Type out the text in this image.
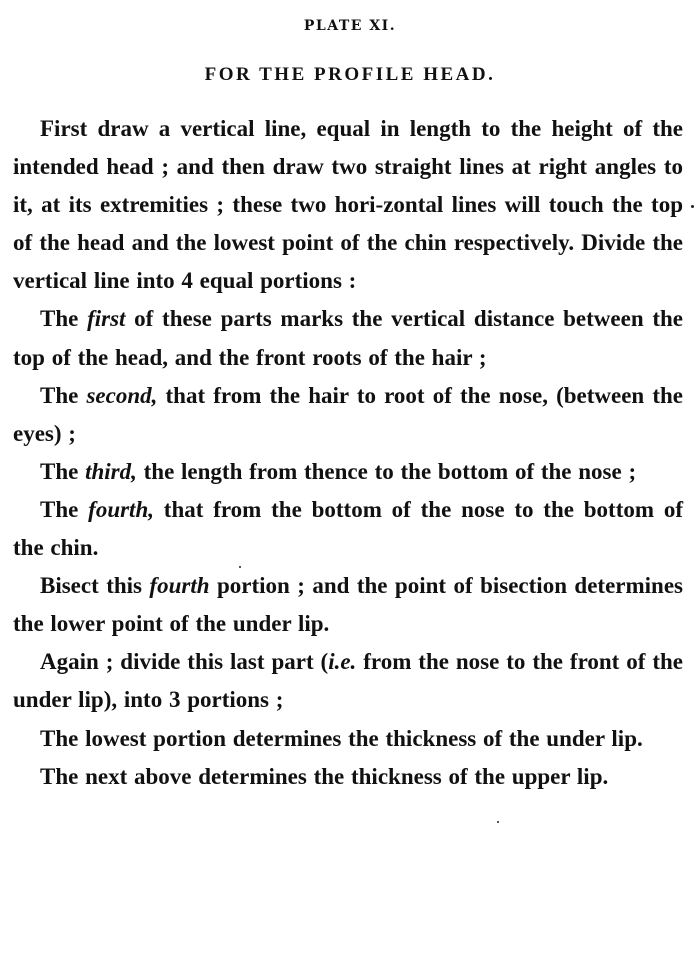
PLATE XI.
FOR THE PROFILE HEAD.

First draw a vertical line, equal in length to the height of the intended head ; and then draw two straight lines at right angles to it, at its extremities ; these two hori-zontal lines will touch the top of the head and the lowest point of the chin respectively. Divide the vertical line into 4 equal portions :

The first of these parts marks the vertical distance between the top of the head, and the front roots of the hair ;

The second, that from the hair to root of the nose, (between the eyes) ;

The third, the length from thence to the bottom of the nose ;

The fourth, that from the bottom of the nose to the bottom of the chin.

Bisect this fourth portion ; and the point of bisection determines the lower point of the under lip.

Again ; divide this last part (i.e. from the nose to the front of the under lip), into 3 portions ;

The lowest portion determines the thickness of the under lip.

The next above determines the thickness of the upper lip.
